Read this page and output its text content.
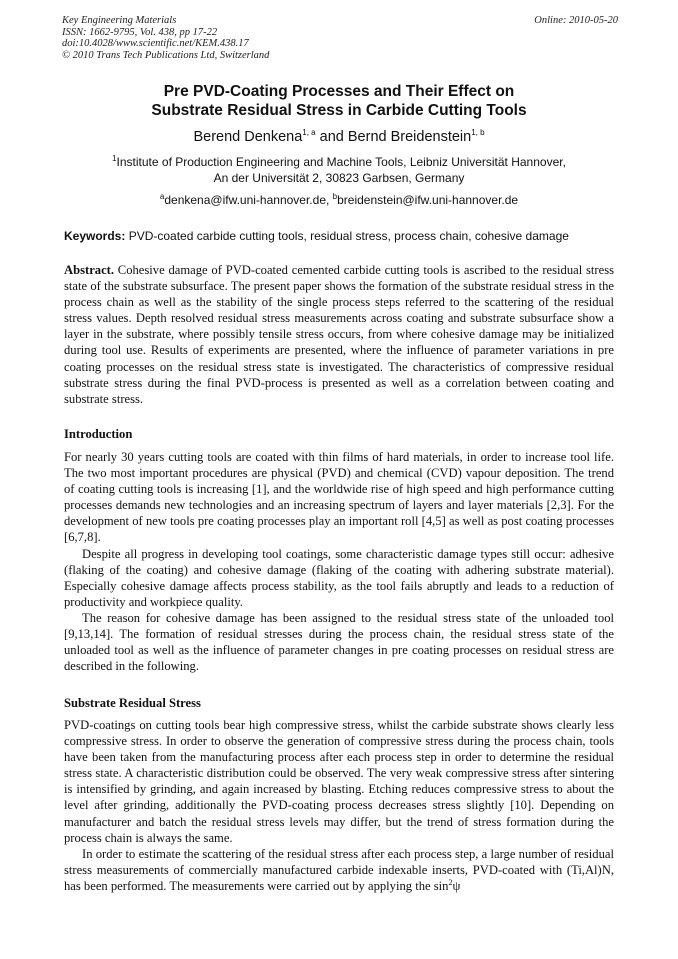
Key Engineering Materials
ISSN: 1662-9795, Vol. 438, pp 17-22
doi:10.4028/www.scientific.net/KEM.438.17
© 2010 Trans Tech Publications Ltd, Switzerland
Online: 2010-05-20
Pre PVD-Coating Processes and Their Effect on
Substrate Residual Stress in Carbide Cutting Tools
Berend Denkena$^{1, a}$ and Bernd Breidenstein$^{1, b}$
$^1$Institute of Production Engineering and Machine Tools, Leibniz Universität Hannover,
An der Universität 2, 30823 Garbsen, Germany
$^a$denkena@ifw.uni-hannover.de, $^b$breidenstein@ifw.uni-hannover.de
Keywords: PVD-coated carbide cutting tools, residual stress, process chain, cohesive damage

Abstract. Cohesive damage of PVD-coated cemented carbide cutting tools is ascribed to the residual stress state of the substrate subsurface. The present paper shows the formation of the substrate residual stress in the process chain as well as the stability of the single process steps referred to the scattering of the residual stress values. Depth resolved residual stress measurements across coating and substrate subsurface show a layer in the substrate, where possibly tensile stress occurs, from where cohesive damage may be initialized during tool use. Results of experiments are presented, where the influence of parameter variations in pre coating processes on the residual stress state is investigated. The characteristics of compressive residual substrate stress during the final PVD-process is presented as well as a correlation between coating and substrate stress.

Introduction

For nearly 30 years cutting tools are coated with thin films of hard materials, in order to increase tool life. The two most important procedures are physical (PVD) and chemical (CVD) vapour deposition. The trend of coating cutting tools is increasing [1], and the worldwide rise of high speed and high performance cutting processes demands new technologies and an increasing spectrum of layers and layer materials [2,3]. For the development of new tools pre coating processes play an important roll [4,5] as well as post coating processes [6,7,8].

Despite all progress in developing tool coatings, some characteristic damage types still occur: adhesive (flaking of the coating) and cohesive damage (flaking of the coating with adhering substrate material). Especially cohesive damage affects process stability, as the tool fails abruptly and leads to a reduction of productivity and workpiece quality.

The reason for cohesive damage has been assigned to the residual stress state of the unloaded tool [9,13,14]. The formation of residual stresses during the process chain, the residual stress state of the unloaded tool as well as the influence of parameter changes in pre coating processes on residual stress are described in the following.

Substrate Residual Stress

PVD-coatings on cutting tools bear high compressive stress, whilst the carbide substrate shows clearly less compressive stress. In order to observe the generation of compressive stress during the process chain, tools have been taken from the manufacturing process after each process step in order to determine the residual stress state. A characteristic distribution could be observed. The very weak compressive stress after sintering is intensified by grinding, and again increased by blasting. Etching reduces compressive stress to about the level after grinding, additionally the PVD-coating process decreases stress slightly [10]. Depending on manufacturer and batch the residual stress levels may differ, but the trend of stress formation during the process chain is always the same.

In order to estimate the scattering of the residual stress after each process step, a large number of residual stress measurements of commercially manufactured carbide indexable inserts, PVD-coated with (Ti,Al)N, has been performed. The measurements were carried out by applying the $\sin^2\psi$
